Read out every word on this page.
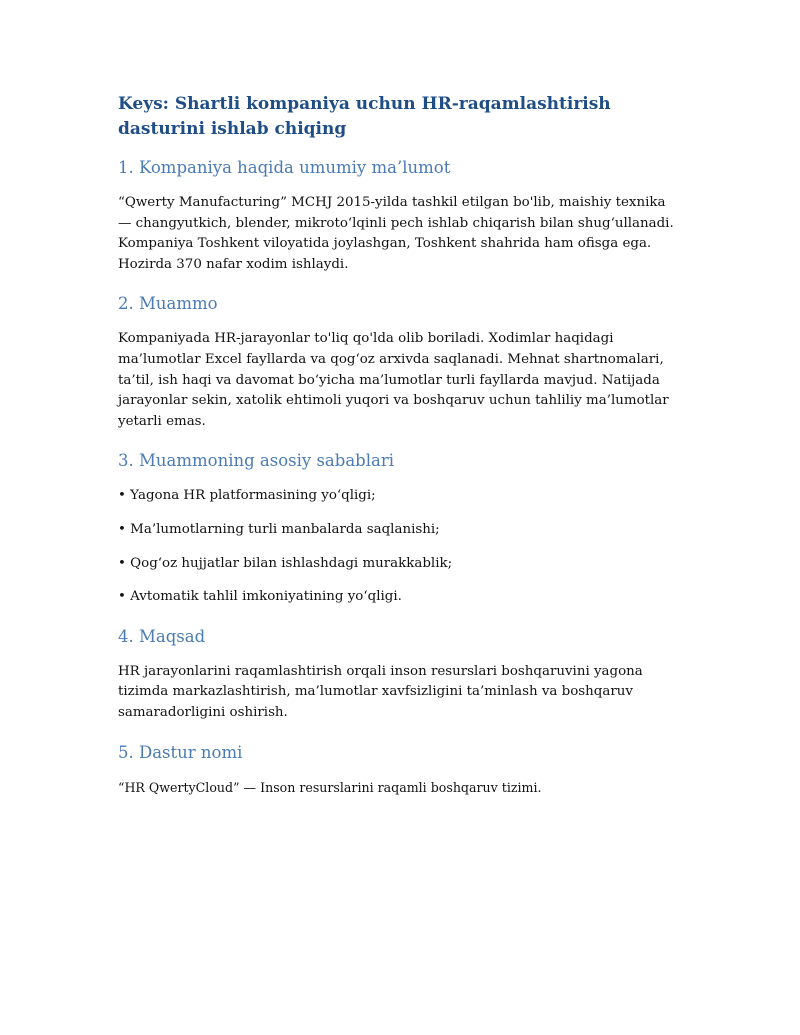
Keys: Shartli kompaniya uchun HR-raqamlashtirish dasturini ishlab chiqing
1. Kompaniya haqida umumiy ma’lumot

“Qwerty Manufacturing” MCHJ 2015-yilda tashkil etilgan bo'lib, maishiy texnika — changyutkich, blender, mikroto‘lqinli pech ishlab chiqarish bilan shug‘ullanadi. Kompaniya Toshkent viloyatida joylashgan, Toshkent shahrida ham ofisga ega. Hozirda 370 nafar xodim ishlaydi.

2. Muammo

Kompaniyada HR-jarayonlar to'liq qo'lda olib boriladi. Xodimlar haqidagi ma’lumotlar Excel fayllarda va qog‘oz arxivda saqlanadi. Mehnat shartnomalari, ta’til, ish haqi va davomat bo‘yicha ma’lumotlar turli fayllarda mavjud. Natijada jarayonlar sekin, xatolik ehtimoli yuqori va boshqaruv uchun tahliliy ma’lumotlar yetarli emas.

3. Muammoning asosiy sabablari

• Yagona HR platformasining yo‘qligi;

• Ma’lumotlarning turli manbalarda saqlanishi;

• Qog‘oz hujjatlar bilan ishlashdagi murakkablik;

• Avtomatik tahlil imkoniyatining yo‘qligi.

4. Maqsad

HR jarayonlarini raqamlashtirish orqali inson resurslari boshqaruvini yagona tizimda markazlashtirish, ma’lumotlar xavfsizligini ta’minlash va boshqaruv samaradorligini oshirish.

5. Dastur nomi

“HR QwertyCloud” — Inson resurslarini raqamli boshqaruv tizimi.
